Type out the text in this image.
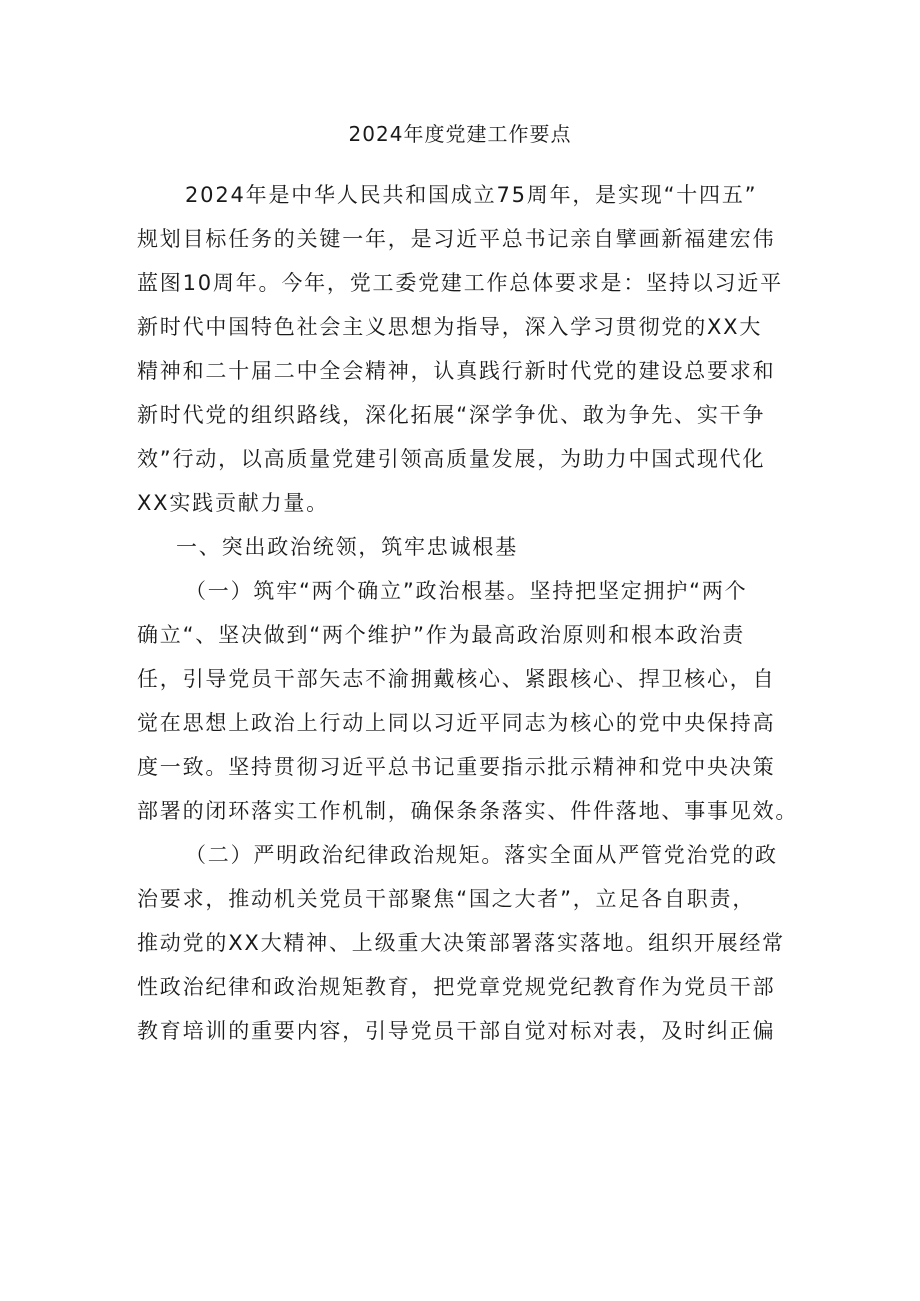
2024年度党建工作要点
2024年是中华人民共和国成立75周年，是实现“十四五”
规划目标任务的关键一年，是习近平总书记亲自擘画新福建宏伟
蓝图10周年。今年，党工委党建工作总体要求是：坚持以习近平
新时代中国特色社会主义思想为指导，深入学习贯彻党的XX大
精神和二十届二中全会精神，认真践行新时代党的建设总要求和
新时代党的组织路线，深化拓展“深学争优、敢为争先、实干争
效”行动，以高质量党建引领高质量发展，为助力中国式现代化
XX实践贡献力量。
一、突出政治统领，筑牢忠诚根基
（一）筑牢“两个确立”政治根基。坚持把坚定拥护“两个
确立“、坚决做到“两个维护”作为最高政治原则和根本政治责
任，引导党员干部矢志不渝拥戴核心、紧跟核心、捍卫核心，自
觉在思想上政治上行动上同以习近平同志为核心的党中央保持高
度一致。坚持贯彻习近平总书记重要指示批示精神和党中央决策
部署的闭环落实工作机制，确保条条落实、件件落地、事事见效。
（二）严明政治纪律政治规矩。落实全面从严管党治党的政
治要求，推动机关党员干部聚焦“国之大者”，立足各自职责，
推动党的XX大精神、上级重大决策部署落实落地。组织开展经常
性政治纪律和政治规矩教育，把党章党规党纪教育作为党员干部
教育培训的重要内容，引导党员干部自觉对标对表，及时纠正偏
